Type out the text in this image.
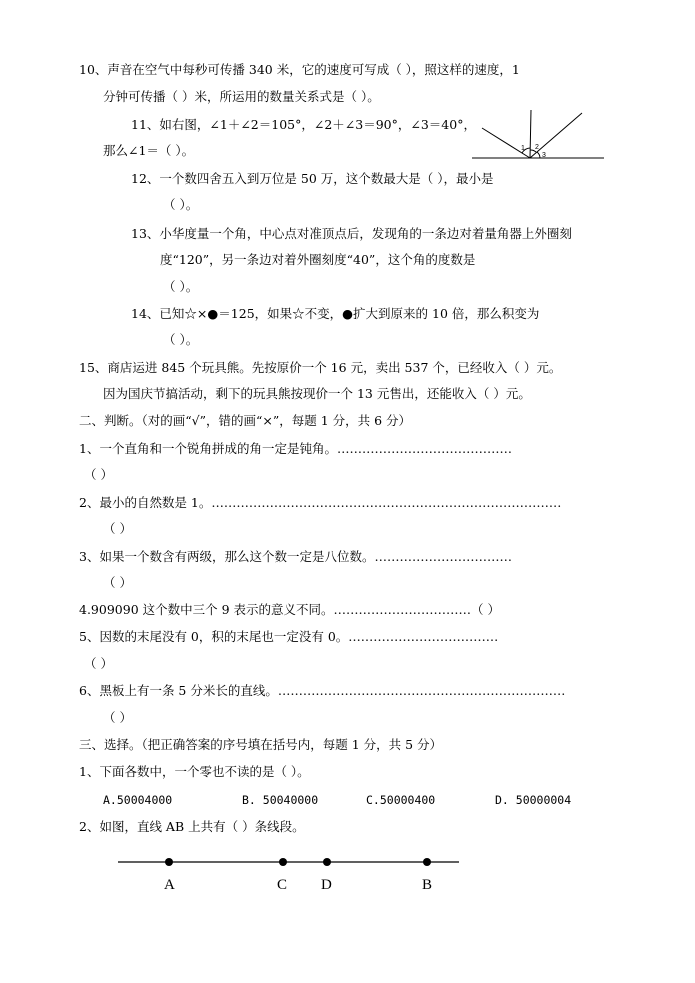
10、声音在空气中每秒可传播 340 米，它的速度可写成（ ），照这样的速度，1
分钟可传播（ ）米，所运用的数量关系式是（ ）。
11、如右图，∠1＋∠2＝105°，∠2＋∠3＝90°，∠3＝40°，
那么∠1＝（ ）。	1 2
3
12、一个数四舍五入到万位是 50 万，这个数最大是（ ），最小是
（ ）。
13、小华度量一个角，中心点对准顶点后，发现角的一条边对着量角器上外圈刻
度“120”，另一条边对着外圈刻度“40”，这个角的度数是
（ ）。
14、已知☆×●＝125，如果☆不变，●扩大到原来的 10 倍，那么积变为
（ ）。
15、商店运进 845 个玩具熊。先按原价一个 16 元，卖出 537 个，已经收入（ ）元。
因为国庆节搞活动，剩下的玩具熊按现价一个 13 元售出，还能收入（ ）元。
二、判断。（对的画“√”，错的画“×”，每题 1 分，共 6 分）
1、一个直角和一个锐角拼成的角一定是钝角。……………………………………
（ ）
2、最小的自然数是 1。…………………………………………………………………………
（ ）
3、如果一个数含有两级，那么这个数一定是八位数。……………………………
（ ）
4.909090 这个数中三个 9 表示的意义不同。……………………………（ ）
5、因数的末尾没有 0，积的末尾也一定没有 0。………………………………
（ ）
6、黑板上有一条 5 分米长的直线。……………………………………………………………
（ ）
三、选择。（把正确答案的序号填在括号内，每题 1 分，共 5 分）
1、下面各数中，一个零也不读的是（ ）。
A.50004000	B. 50040000	C.50000400	D. 50000004
2、如图，直线 AB 上共有（ ）条线段。
A	C D	B
